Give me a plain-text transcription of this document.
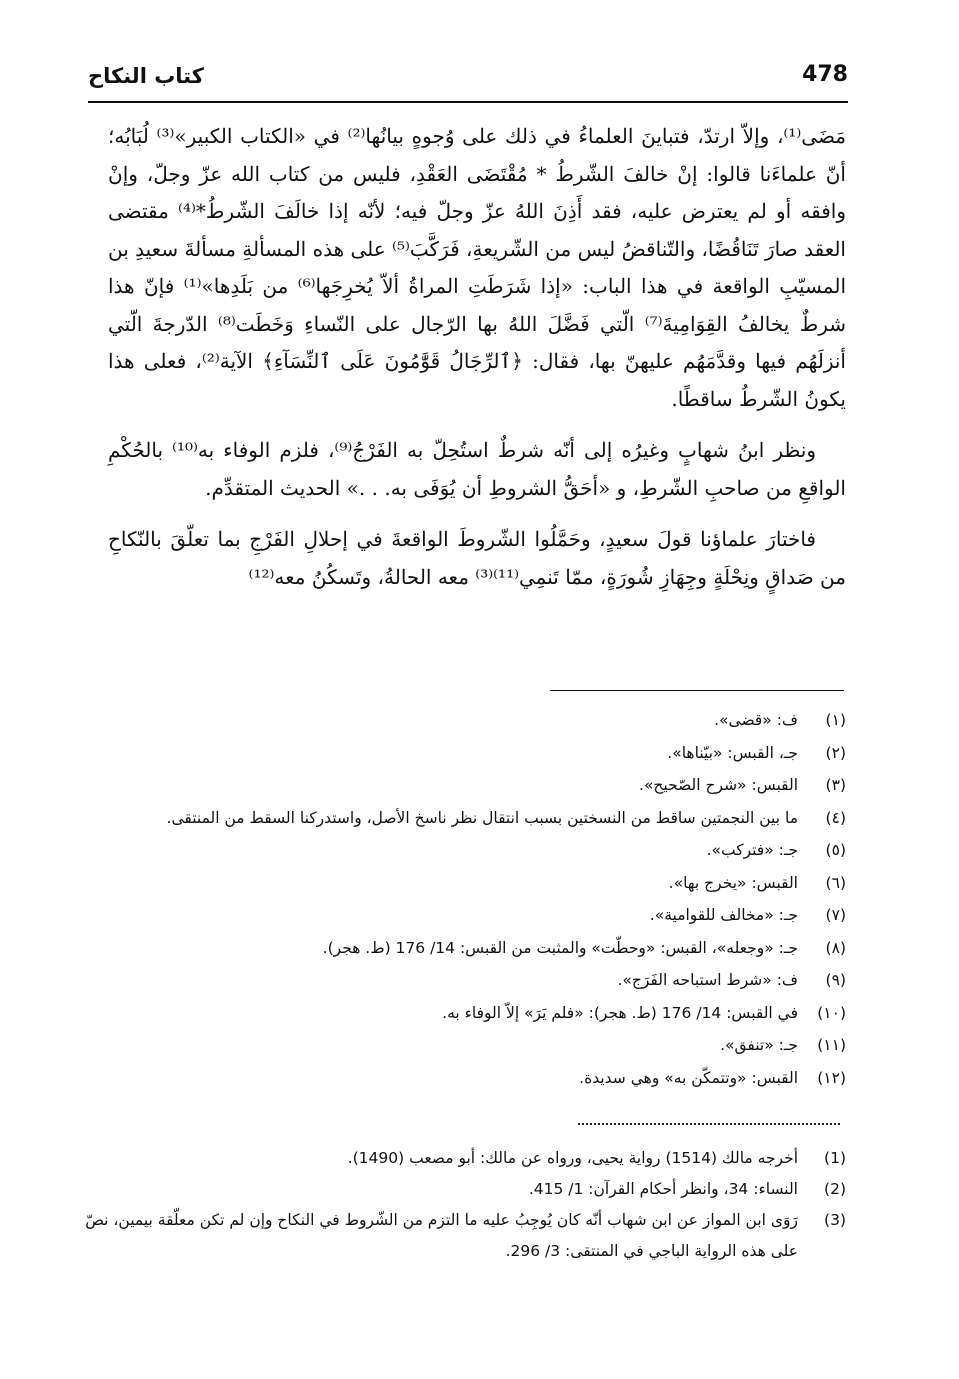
478
كتاب النكاح

مَضَى⁽¹⁾، وإلاّ ارتدّ، فتباينَ العلماءُ في ذلك على وُجوهٍ بيانُها⁽²⁾ في «الكتاب الكبير»⁽³⁾ لُبَابُه؛ أنّ علماءَنا قالوا: إنْ خالفَ الشّرطُ * مُقْتَضَى العَقْدِ، فليس من كتاب الله عزّ وجلّ، وإنْ وافقه أو لم يعترض عليه، فقد أَذِنَ اللهُ عزّ وجلّ فيه؛ لأنّه إذا خالَفَ الشّرطُ*⁽⁴⁾ مقتضى العقد صارَ تَنَاقُضًا، والتّناقضُ ليس من الشّريعةِ، فَرَكَّبَ⁽⁵⁾ على هذه المسألةِ مسألةَ سعيدِ بن المسيّبِ الواقعة في هذا الباب: «إذا شَرَطَتِ المراةُ ألاّ يُخرِجَها⁽⁶⁾ من بَلَدِها»⁽¹⁾ فإنّ هذا شرطٌ يخالفُ القِوَامِيةَ⁽⁷⁾ الّتي فَضَّلَ اللهُ بها الرّجال على النّساءِ وَخَطَت⁽⁸⁾ الدّرجةَ الّتي أنزلَهُم فيها وقدَّمَهُم عليهنّ بها، فقال: ﴿ٱلرِّجَالُ قَوَّٰمُونَ عَلَى ٱلنِّسَآءِ﴾ الآية⁽²⁾، فعلى هذا يكونُ الشّرطُ ساقطًا.

ونظر ابنُ شهابٍ وغيرُه إلى أنّه شرطٌ استُحِلّ به الفَرْجُ⁽⁹⁾، فلزم الوفاء به⁽¹⁰⁾ بالحُكْمِ الواقعِ من صاحبِ الشّرطِ، و «أحَقُّ الشروطِ أن يُوَفَى به. . .» الحديث المتقدِّم.

فاختارَ علماؤنا قولَ سعيدٍ، وحَمَّلُوا الشّروطَ الواقعةَ في إحلالِ الفَرْجِ بما تعلّقَ بالنّكاحِ من صَداقٍ ونِحْلَةٍ وجِهَازِ شُورَةٍ، ممّا تَنمِي⁽¹¹⁾⁽³⁾ معه الحالةُ، وتَسكُنُ معه⁽¹²⁾

(١)
ف: «قضى».
(٢)
جـ، القبس: «بيّناها».
(٣)
القبس: «شرح الصّحيح».
(٤)
ما بين النجمتين ساقط من النسختين بسبب انتقال نظر ناسخ الأصل، واستدركنا السقط من المنتقى.
(٥)
جـ: «فتركب».
(٦)
القبس: «يخرج بها».
(٧)
جـ: «مخالف للقوامية».
(٨)
جـ: «وجعله»، القبس: «وحطّت» والمثبت من القبس: 14/ 176 (ط. هجر).
(٩)
ف: «شرط استباحه الفَرَج».
(١٠)
في القبس: 14/ 176 (ط. هجر): «فلم يَرَ» إلاّ الوفاء به.
(١١)
جـ: «تنفق».
(١٢)
القبس: «وتتمكّن به» وهي سديدة.
(1)
أخرجه مالك (1514) رواية يحيى، ورواه عن مالك: أبو مصعب (1490).
(2)
النساء: 34، وانظر أحكام القرآن: 1/ 415.
(3)
رَوَى ابن المواز عن ابن شهاب أنّه كان يُوجِبُ عليه ما التزم من الشّروط في النكاح وإن لم تكن معلّقة بيمين، نصّ على هذه الرواية الباجي في المنتقى: 3/ 296.
